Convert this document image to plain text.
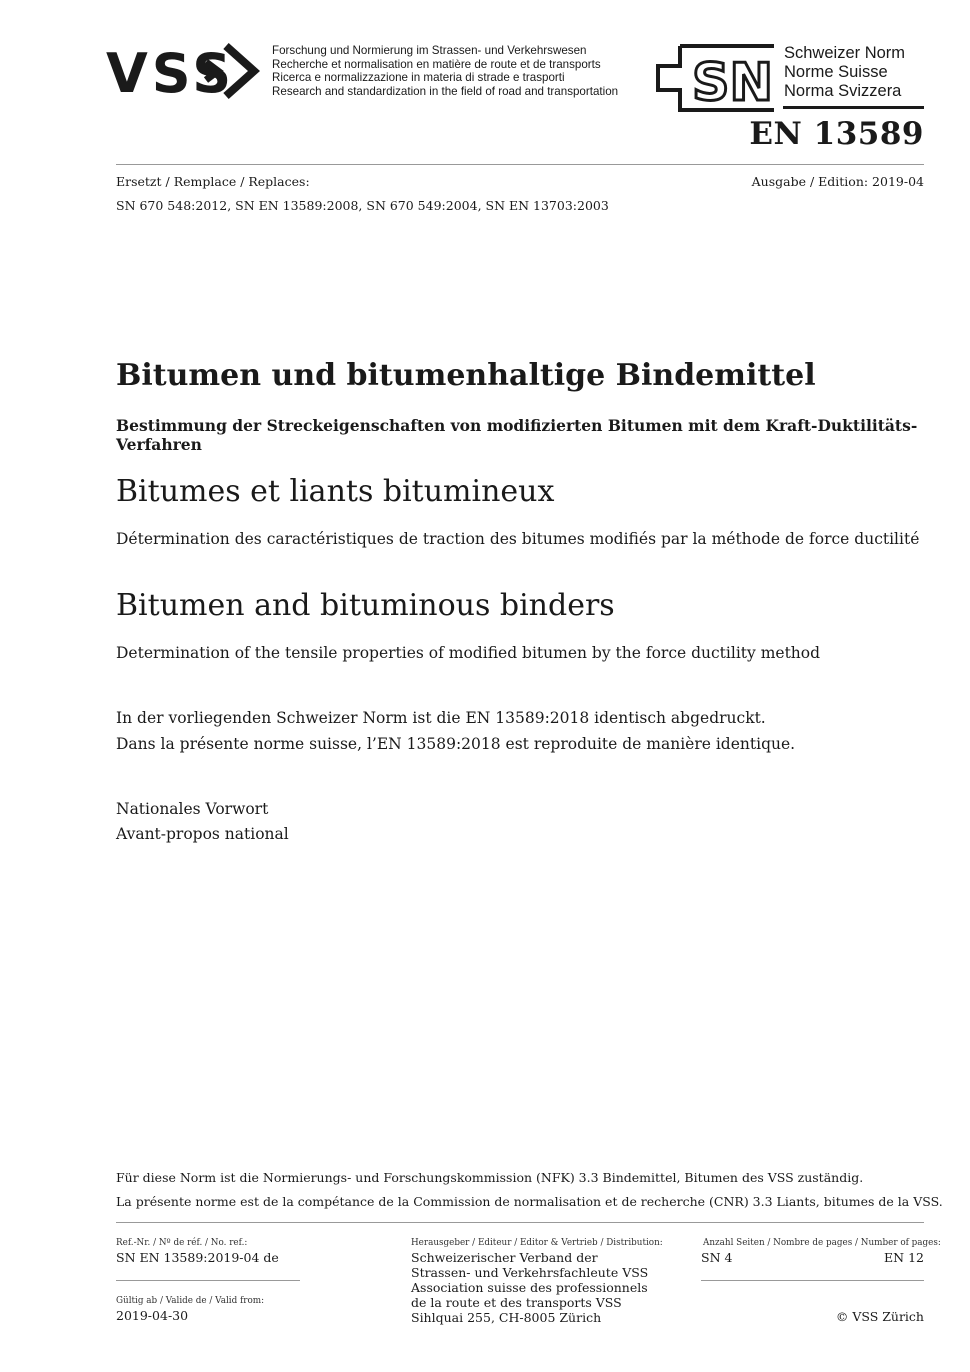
VSS	Forschung und Normierung im Strassen- und Verkehrswesen
Recherche et normalisation en matière de route et de transports
Ricerca e normalizzazione in materia di strade e trasporti
Research and standardization in the field of road and transportation SN Schweizer Norm
Norme Suisse
Norma Svizzera
EN 13589
Ersetzt / Remplace / Replaces:	Ausgabe / Edition: 2019-04
SN 670 548:2012, SN EN 13589:2008, SN 670 549:2004, SN EN 13703:2003
Bitumen und bitumenhaltige Bindemittel
Bestimmung der Streckeigenschaften von modifizierten Bitumen mit dem Kraft-Duktilitäts-Verfahren
Bitumes et liants bitumineux
Détermination des caractéristiques de traction des bitumes modifiés par la méthode de force ductilité
Bitumen and bituminous binders
Determination of the tensile properties of modified bitumen by the force ductility method
In der vorliegenden Schweizer Norm ist die EN 13589:2018 identisch abgedruckt.
Dans la présente norme suisse, l’EN 13589:2018 est reproduite de manière identique.
Nationales Vorwort
Avant-propos national
Für diese Norm ist die Normierungs- und Forschungskommission (NFK) 3.3 Bindemittel, Bitumen des VSS zuständig.
La présente norme est de la compétance de la Commission de normalisation et de recherche (CNR) 3.3 Liants, bitumes de la VSS.
Ref.-Nr. / Nº de réf. / No. ref.:
SN EN 13589:2019-04 de
Gültig ab / Valide de / Valid from:
2019-04-30
Herausgeber / Editeur / Editor & Vertrieb / Distribution:
Schweizerischer Verband der
Strassen- und Verkehrsfachleute VSS
Association suisse des professionnels
de la route et des transports VSS
Sihlquai 255, CH-8005 Zürich
Anzahl Seiten / Nombre de pages / Number of pages:
SN 4	EN 12
© VSS Zürich
